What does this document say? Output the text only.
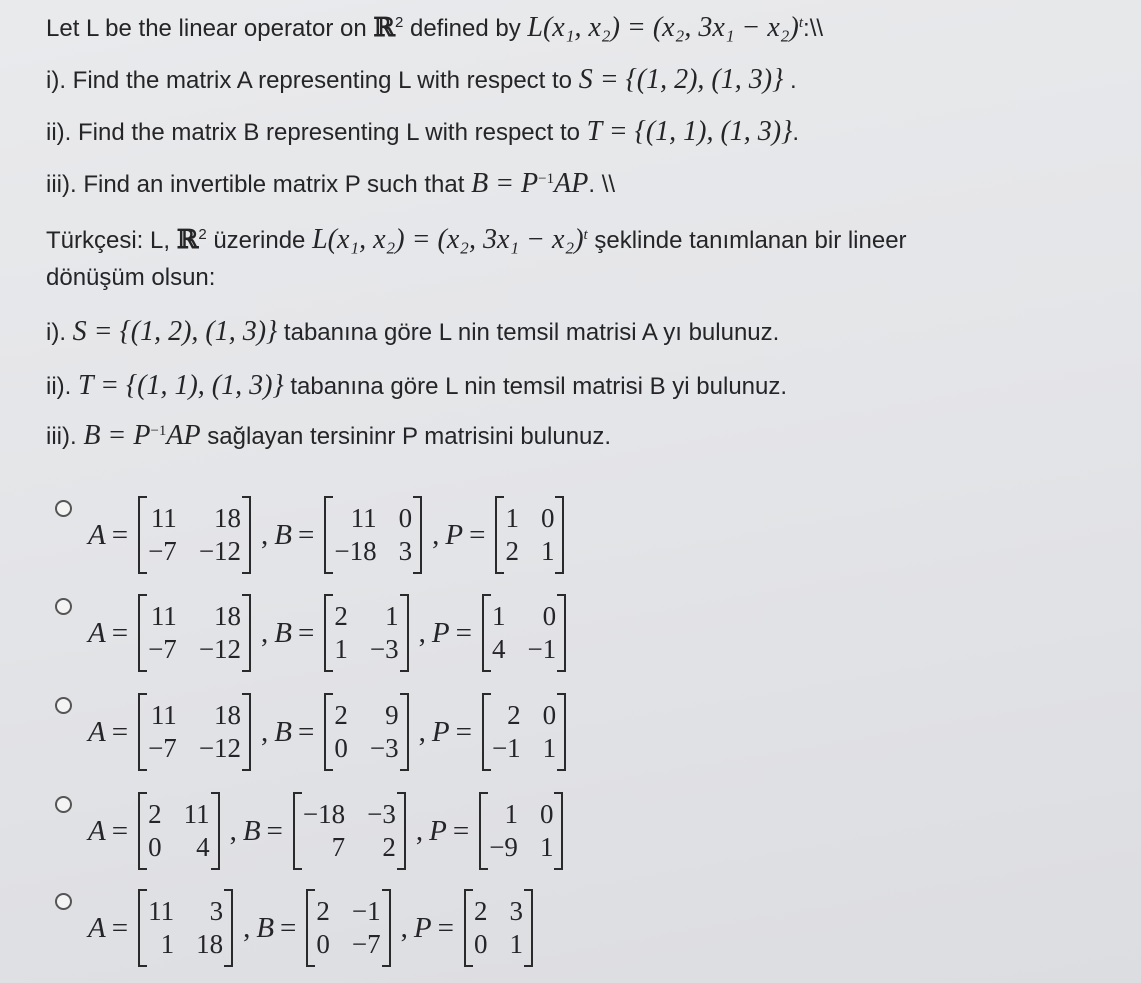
Let L be the linear operator on ℝ$^2$ defined by L(x₁, x₂) = (x₂, 3x₁ − x₂)$^t$:\\
i). Find the matrix A representing L with respect to S = {(1, 2), (1, 3)} .
ii). Find the matrix B representing L with respect to T = {(1, 1), (1, 3)}.
iii). Find an invertible matrix P such that $B = P^{-1}AP$. \\
Türkçesi: L, ℝ$^2$ üzerinde L(x₁, x₂) = (x₂, 3x₁ − x₂)$^t$ şeklinde tanımlanan bir lineer
dönüşüm olsun:
i). S = {(1, 2), (1, 3)} tabanına göre L nin temsil matrisi A yı bulunuz.
ii). T = {(1, 1), (1, 3)} tabanına göre L nin temsil matrisi B yi bulunuz.
iii). $B = P^{-1}AP$ sağlayan tersininr P matrisini bulunuz.
A =
11	18
−7 −12
, B =
11 0
−18 3
, P =
1 0
2 1
A =
11	18
−7 −12
, B =
2	1
1 −3
, P =
1	0
4 −1
A =
11	18
−7 −12
, B =
2	9
0 −3
, P =
2 0
−1 1
A =
2 11
0	4
, B =
−18 −3
7	2
, P =
1 0
−9 1
A =
11	3
1 18
, B =
2 −1
0 −7
, P =
2 3
0 1
